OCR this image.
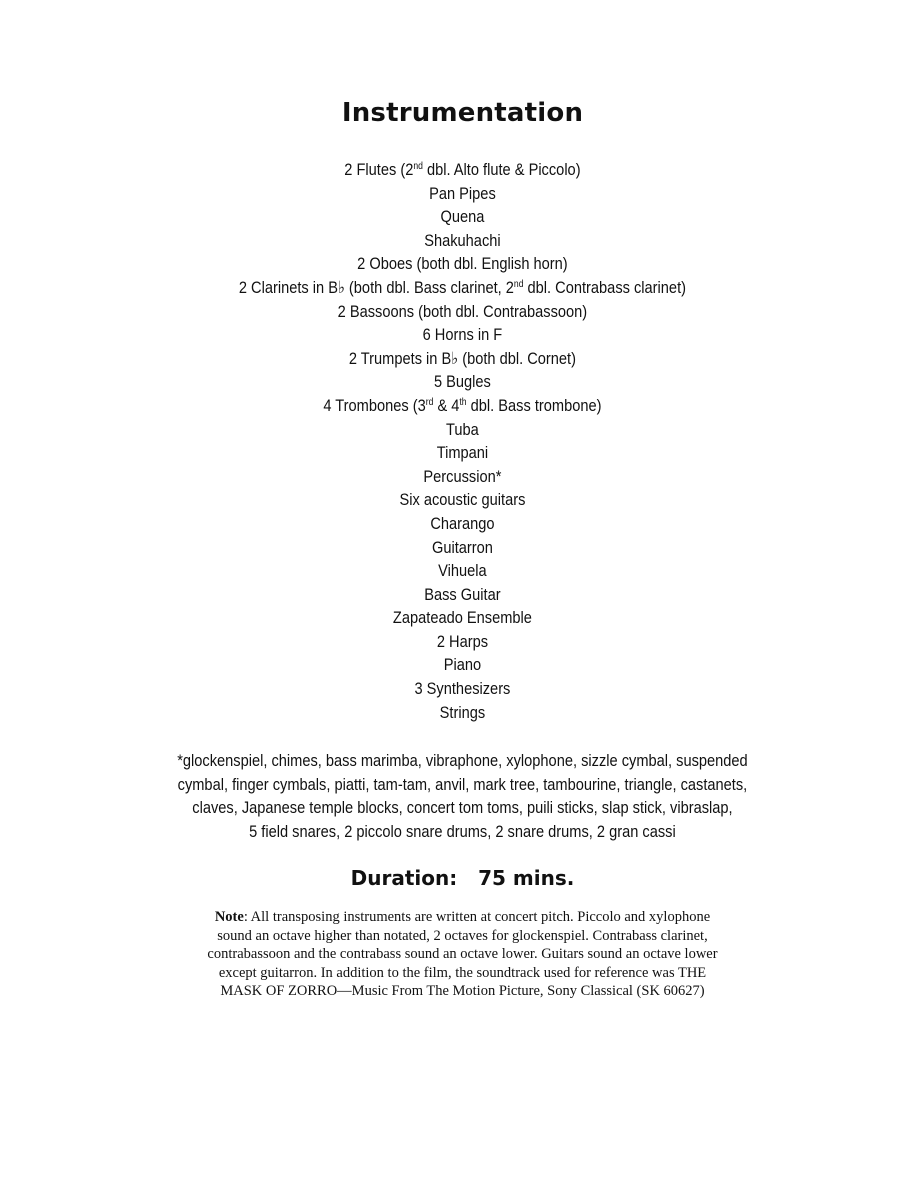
Instrumentation
2 Flutes (2nd dbl. Alto flute & Piccolo)
Pan Pipes
Quena
Shakuhachi
2 Oboes (both dbl. English horn)
2 Clarinets in B♭ (both dbl. Bass clarinet, 2nd dbl. Contrabass clarinet)
2 Bassoons (both dbl. Contrabassoon)
6 Horns in F
2 Trumpets in B♭ (both dbl. Cornet)
5 Bugles
4 Trombones (3rd & 4th dbl. Bass trombone)
Tuba
Timpani
Percussion*
Six acoustic guitars
Charango
Guitarron
Vihuela
Bass Guitar
Zapateado Ensemble
2 Harps
Piano
3 Synthesizers
Strings
*glockenspiel, chimes, bass marimba, vibraphone, xylophone, sizzle cymbal, suspended
cymbal, finger cymbals, piatti, tam-tam, anvil, mark tree, tambourine, triangle, castanets,
claves, Japanese temple blocks, concert tom toms, puili sticks, slap stick, vibraslap,
5 field snares, 2 piccolo snare drums, 2 snare drums, 2 gran cassi
Duration: 75 mins.
Note: All transposing instruments are written at concert pitch. Piccolo and xylophone
sound an octave higher than notated, 2 octaves for glockenspiel. Contrabass clarinet,
contrabassoon and the contrabass sound an octave lower. Guitars sound an octave lower
except guitarron. In addition to the film, the soundtrack used for reference was THE
MASK OF ZORRO—Music From The Motion Picture, Sony Classical (SK 60627)
